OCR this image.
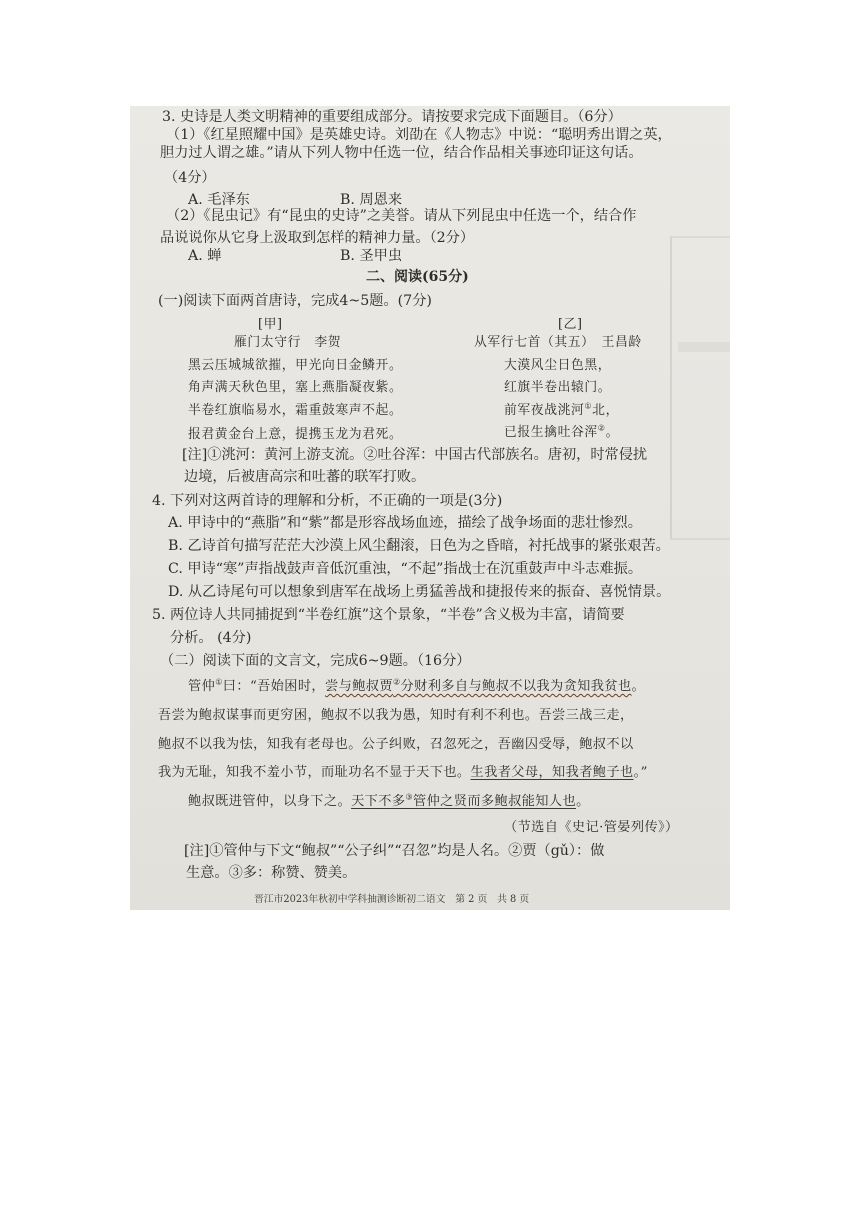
3. 史诗是人类文明精神的重要组成部分。请按要求完成下面题目。（6分）
（1）《红星照耀中国》是英雄史诗。刘劭在《人物志》中说：“聪明秀出谓之英，
胆力过人谓之雄。”请从下列人物中任选一位，结合作品相关事迹印证这句话。
（4分）
A. 毛泽东	B. 周恩来
（2）《昆虫记》有“昆虫的史诗”之美誉。请从下列昆虫中任选一个，结合作
品说说你从它身上汲取到怎样的精神力量。（2分）
A. 蝉	B. 圣甲虫
二、阅读(65分)
(一)阅读下面两首唐诗，完成4~5题。(7分)
[甲]
雁门太守行　李贺
黑云压城城欲摧，甲光向日金鳞开。
角声满天秋色里，塞上燕脂凝夜紫。
半卷红旗临易水，霜重鼓寒声不起。
报君黄金台上意，提携玉龙为君死。
[乙]
从军行七首（其五）　王昌龄
大漠风尘日色黑，
红旗半卷出辕门。
前军夜战洮河①北，
已报生擒吐谷浑②。
[注]①洮河：黄河上游支流。②吐谷浑：中国古代部族名。唐初，时常侵扰
边境，后被唐高宗和吐蕃的联军打败。
4. 下列对这两首诗的理解和分析，不正确的一项是(3分)
A. 甲诗中的“燕脂”和“紫”都是形容战场血迹，描绘了战争场面的悲壮惨烈。
B. 乙诗首句描写茫茫大沙漠上风尘翻滚，日色为之昏暗，衬托战事的紧张艰苦。
C. 甲诗“寒”声指战鼓声音低沉重浊，“不起”指战士在沉重鼓声中斗志难振。
D. 从乙诗尾句可以想象到唐军在战场上勇猛善战和捷报传来的振奋、喜悦情景。
5. 两位诗人共同捕捉到“半卷红旗”这个景象，“半卷”含义极为丰富，请简要
分析。 (4分)
（二）阅读下面的文言文，完成6~9题。（16分）
管仲①曰：“吾始困时，尝与鲍叔贾②分财利多自与鲍叔不以我为贪知我贫也。
吾尝为鲍叔谋事而更穷困，鲍叔不以我为愚，知时有利不利也。吾尝三战三走，
鲍叔不以我为怯，知我有老母也。公子纠败，召忽死之，吾幽囚受辱，鲍叔不以
我为无耻，知我不羞小节，而耻功名不显于天下也。生我者父母，知我者鲍子也。”
鲍叔既进管仲，以身下之。天下不多③管仲之贤而多鲍叔能知人也。
（节选自《史记·管晏列传》）
[注]①管仲与下文“鲍叔”“公子纠”“召忽”均是人名。②贾（gǔ）：做
生意。③多：称赞、赞美。
晋江市2023年秋初中学科抽测诊断初二语文　第 2 页　共 8 页
